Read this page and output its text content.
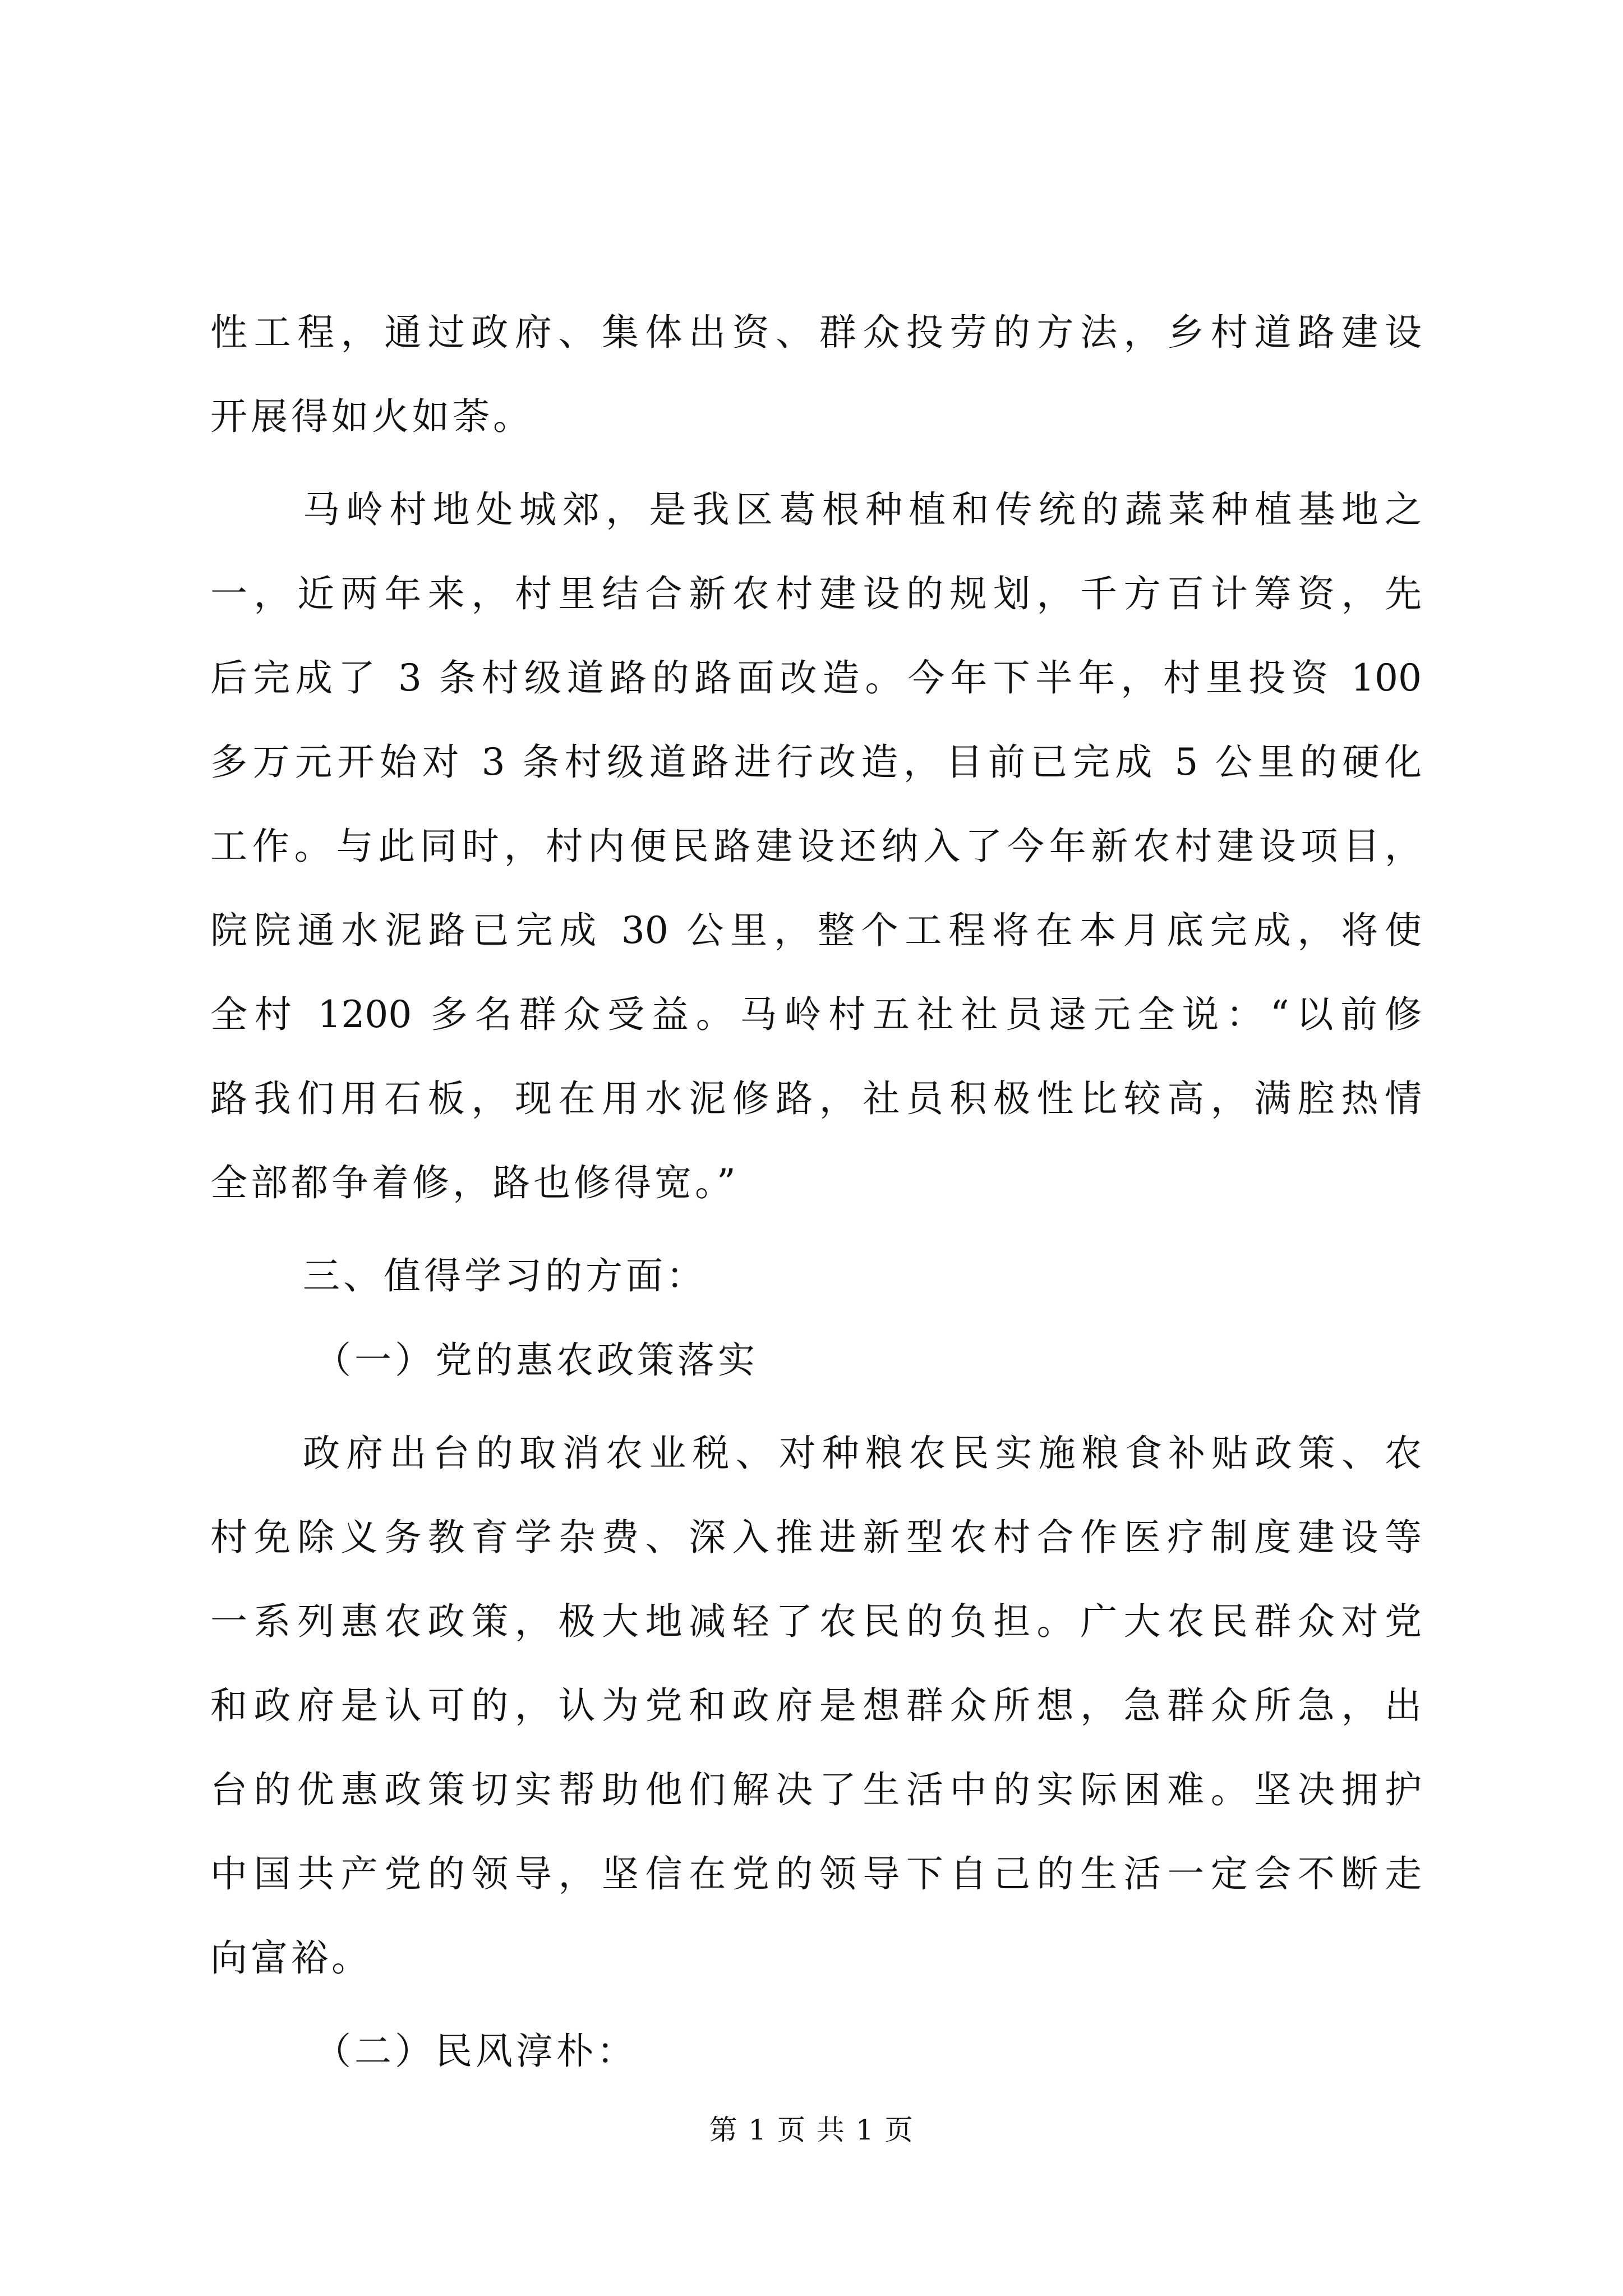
性工程，通过政府、集体出资、群众投劳的方法，乡村道路建设
开展得如火如荼。
马岭村地处城郊，是我区葛根种植和传统的蔬菜种植基地之
一，近两年来，村里结合新农村建设的规划，千方百计筹资，先
后完成了 3 条村级道路的路面改造。今年下半年，村里投资 100
多万元开始对 3 条村级道路进行改造，目前已完成 5 公里的硬化
工作。与此同时，村内便民路建设还纳入了今年新农村建设项目，
院院通水泥路已完成 30 公里，整个工程将在本月底完成，将使
全村 1200 多名群众受益。马岭村五社社员逯元全说：“以前修
路我们用石板，现在用水泥修路，社员积极性比较高，满腔热情
全部都争着修，路也修得宽。”
三、值得学习的方面：
（一）党的惠农政策落实
政府出台的取消农业税、对种粮农民实施粮食补贴政策、农
村免除义务教育学杂费、深入推进新型农村合作医疗制度建设等
一系列惠农政策，极大地减轻了农民的负担。广大农民群众对党
和政府是认可的，认为党和政府是想群众所想，急群众所急，出
台的优惠政策切实帮助他们解决了生活中的实际困难。坚决拥护
中国共产党的领导，坚信在党的领导下自己的生活一定会不断走
向富裕。
（二）民风淳朴：
第 1 页 共 1 页
